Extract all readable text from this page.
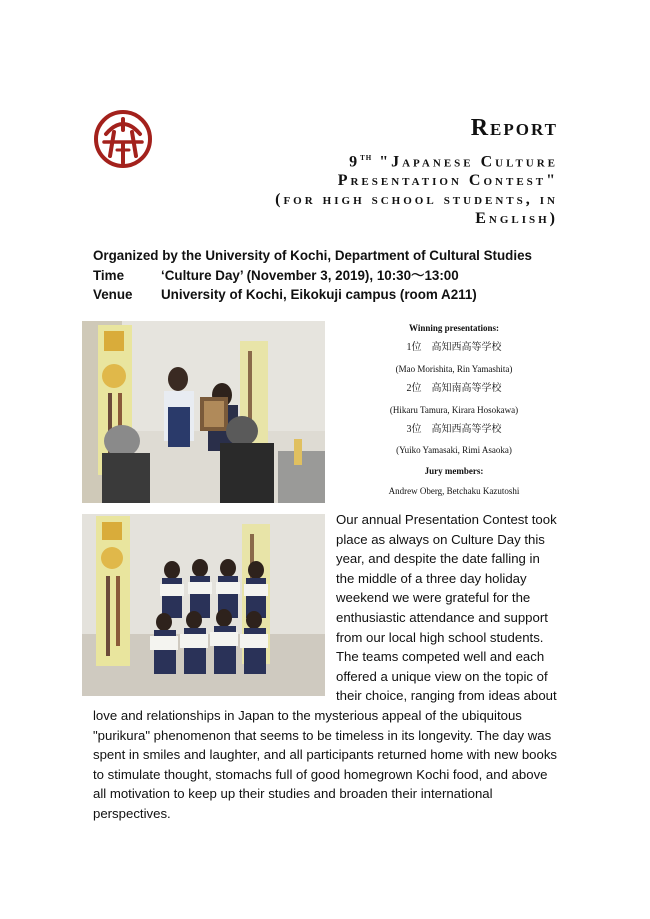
Report
9th "Japanese Culture
Presentation Contest"
(for high school students, in
English)
Organized by the University of Kochi, Department of Cultural Studies
Time	‘Culture Day’ (November 3, 2019), 10:30～13:00
Venue	University of Kochi, Eikokuji campus (room A211)
Winning presentations:
1位　高知西高等学校
(Mao Morishita, Rin Yamashita)
2位　高知南高等学校
(Hikaru Tamura, Kirara Hosokawa)
3位　高知西高等学校
(Yuiko Yamasaki, Rimi Asaoka)
Jury members:
Andrew Oberg, Betchaku Kazutoshi
Our annual Presentation Contest took
place as always on Culture Day this
year, and despite the date falling in
the middle of a three day holiday
weekend we were grateful for the
enthusiastic attendance and support
from our local high school students.
The teams competed well and each
offered a unique view on the topic of
their choice, ranging from ideas about
love and relationships in Japan to the mysterious appeal of the ubiquitous
"purikura" phenomenon that seems to be timeless in its longevity. The day was
spent in smiles and laughter, and all participants returned home with new books
to stimulate thought, stomachs full of good homegrown Kochi food, and above
all motivation to keep up their studies and broaden their international
perspectives.
